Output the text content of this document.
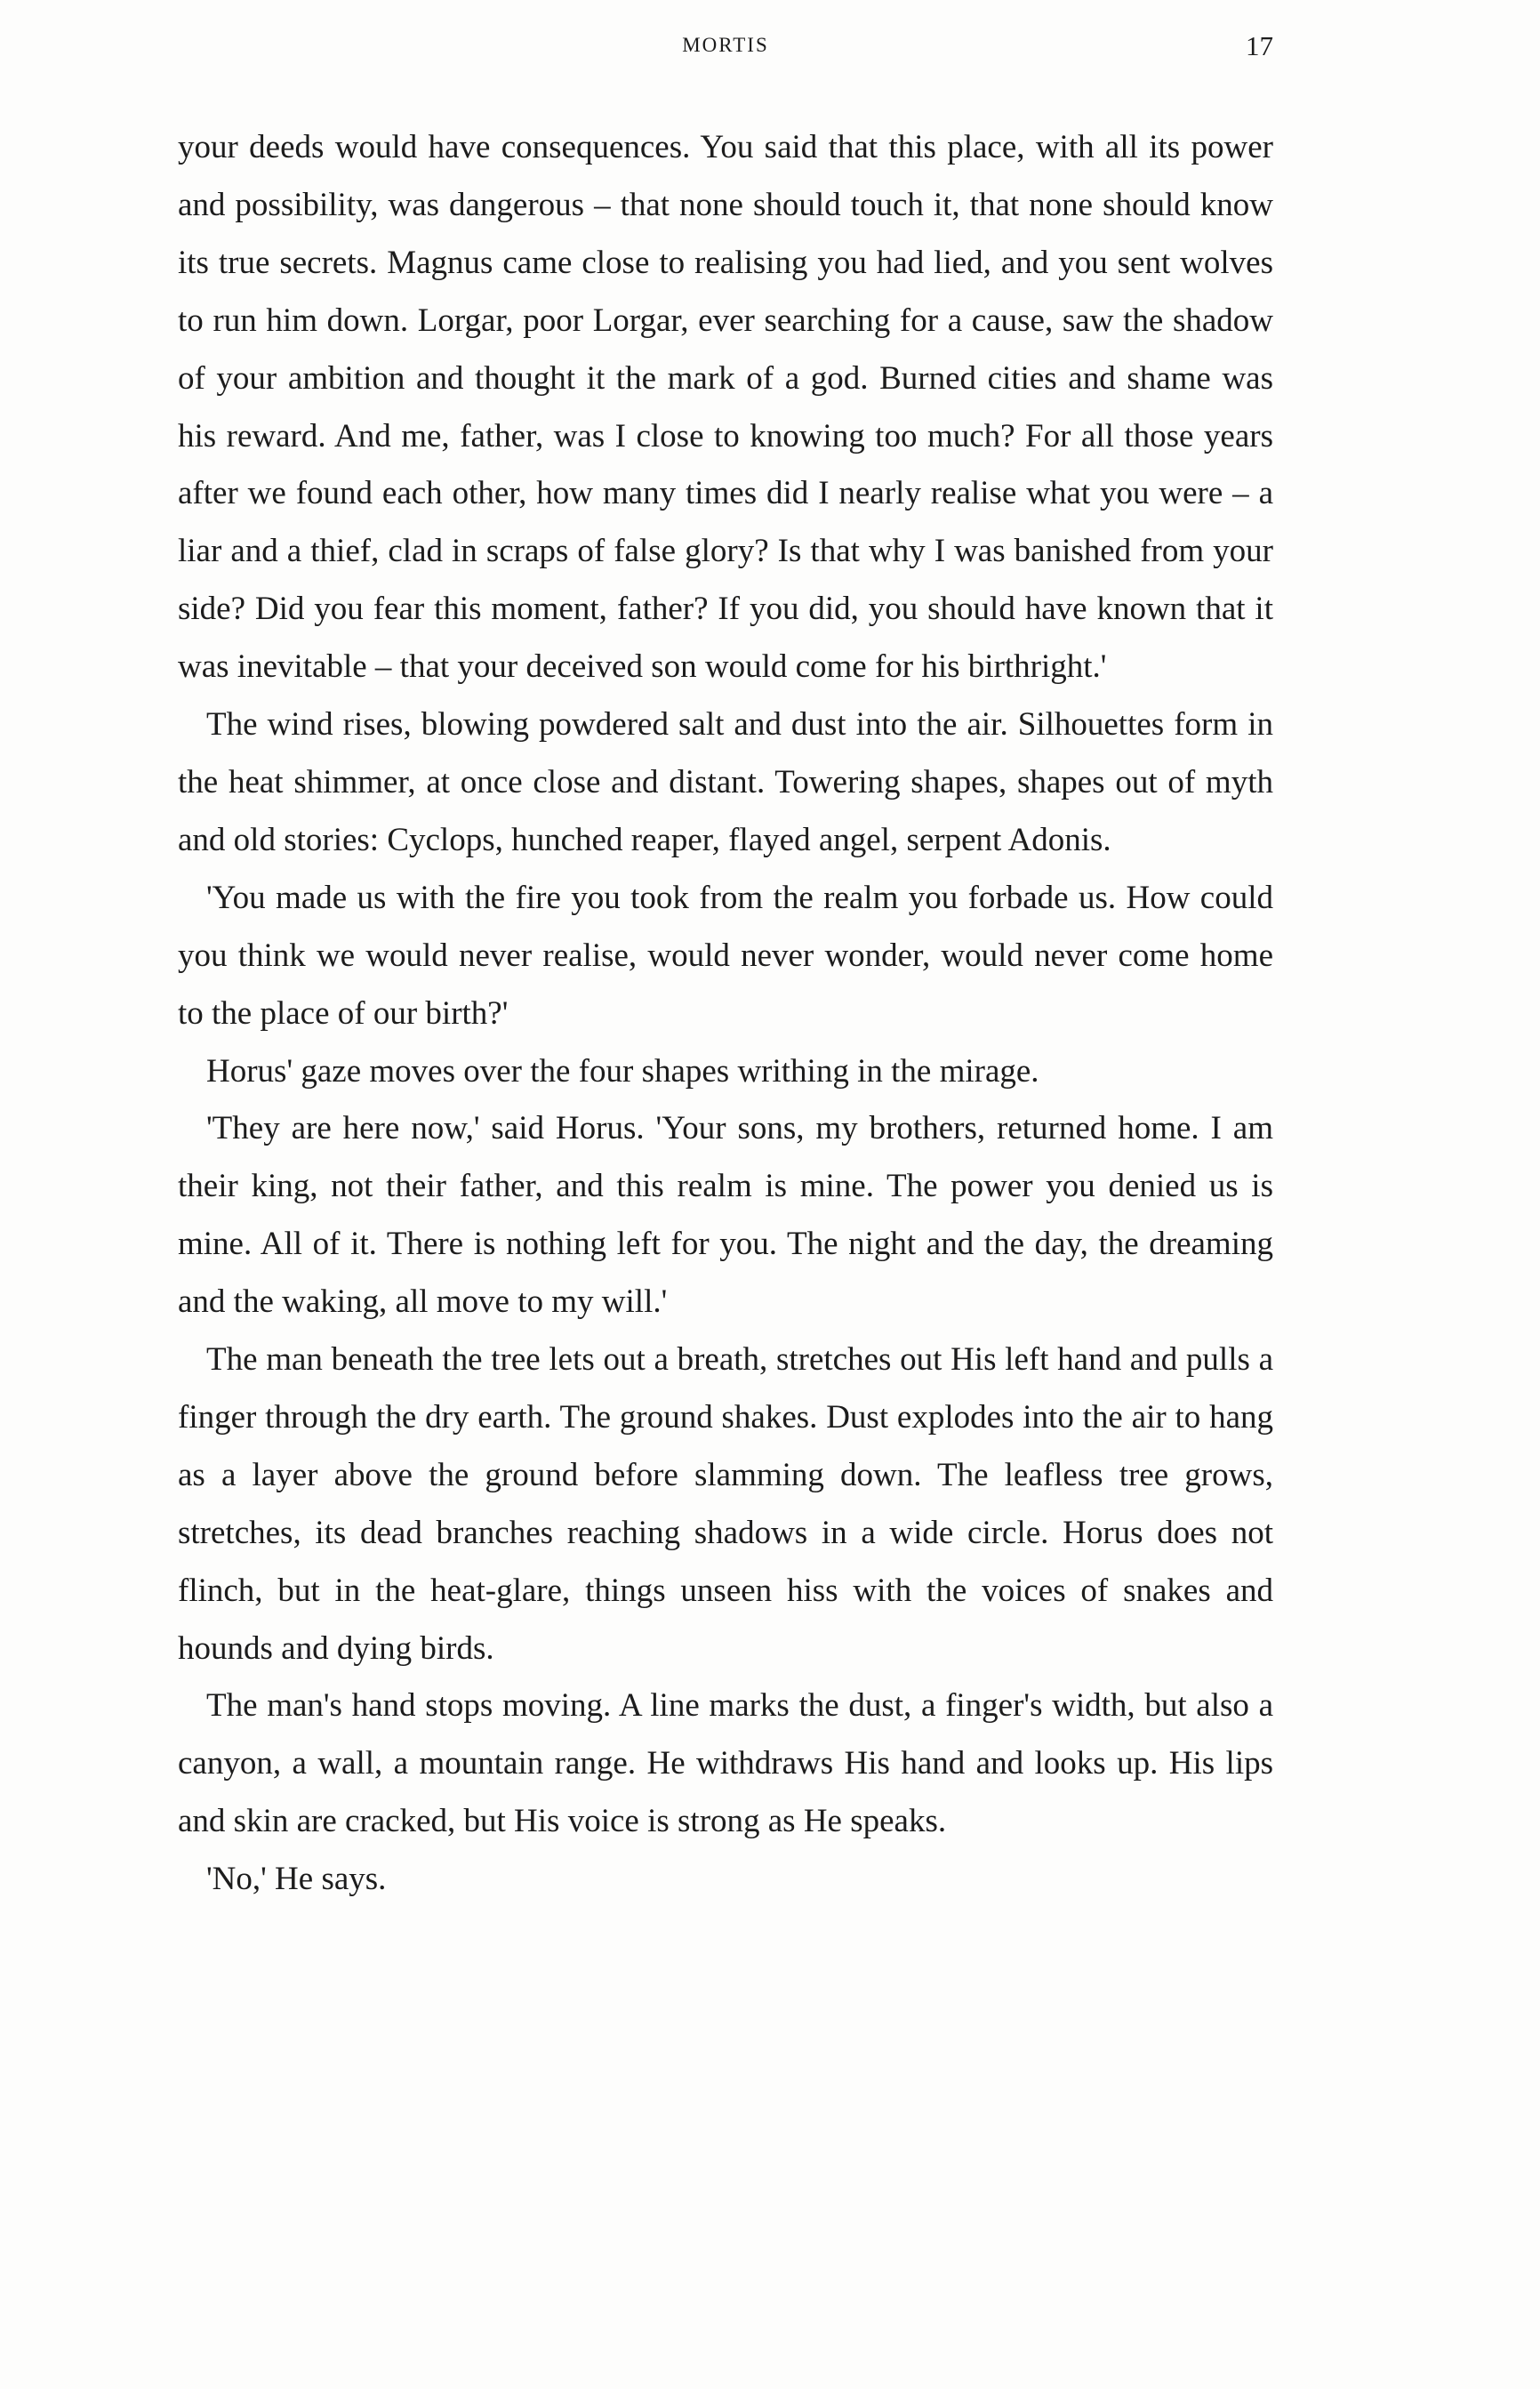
MORTIS	17

your deeds would have consequences. You said that this place, with all its power and possibility, was dangerous – that none should touch it, that none should know its true secrets. Magnus came close to realising you had lied, and you sent wolves to run him down. Lorgar, poor Lorgar, ever searching for a cause, saw the shadow of your ambition and thought it the mark of a god. Burned cities and shame was his reward. And me, father, was I close to knowing too much? For all those years after we found each other, how many times did I nearly realise what you were – a liar and a thief, clad in scraps of false glory? Is that why I was banished from your side? Did you fear this moment, father? If you did, you should have known that it was inevitable – that your deceived son would come for his birthright.'

The wind rises, blowing powdered salt and dust into the air. Silhouettes form in the heat shimmer, at once close and distant. Towering shapes, shapes out of myth and old stories: Cyclops, hunched reaper, flayed angel, serpent Adonis.

'You made us with the fire you took from the realm you forbade us. How could you think we would never realise, would never wonder, would never come home to the place of our birth?'

Horus' gaze moves over the four shapes writhing in the mirage.

'They are here now,' said Horus. 'Your sons, my brothers, returned home. I am their king, not their father, and this realm is mine. The power you denied us is mine. All of it. There is nothing left for you. The night and the day, the dreaming and the waking, all move to my will.'

The man beneath the tree lets out a breath, stretches out His left hand and pulls a finger through the dry earth. The ground shakes. Dust explodes into the air to hang as a layer above the ground before slamming down. The leafless tree grows, stretches, its dead branches reaching shadows in a wide circle. Horus does not flinch, but in the heat-glare, things unseen hiss with the voices of snakes and hounds and dying birds.

The man's hand stops moving. A line marks the dust, a finger's width, but also a canyon, a wall, a mountain range. He withdraws His hand and looks up. His lips and skin are cracked, but His voice is strong as He speaks.

'No,' He says.
